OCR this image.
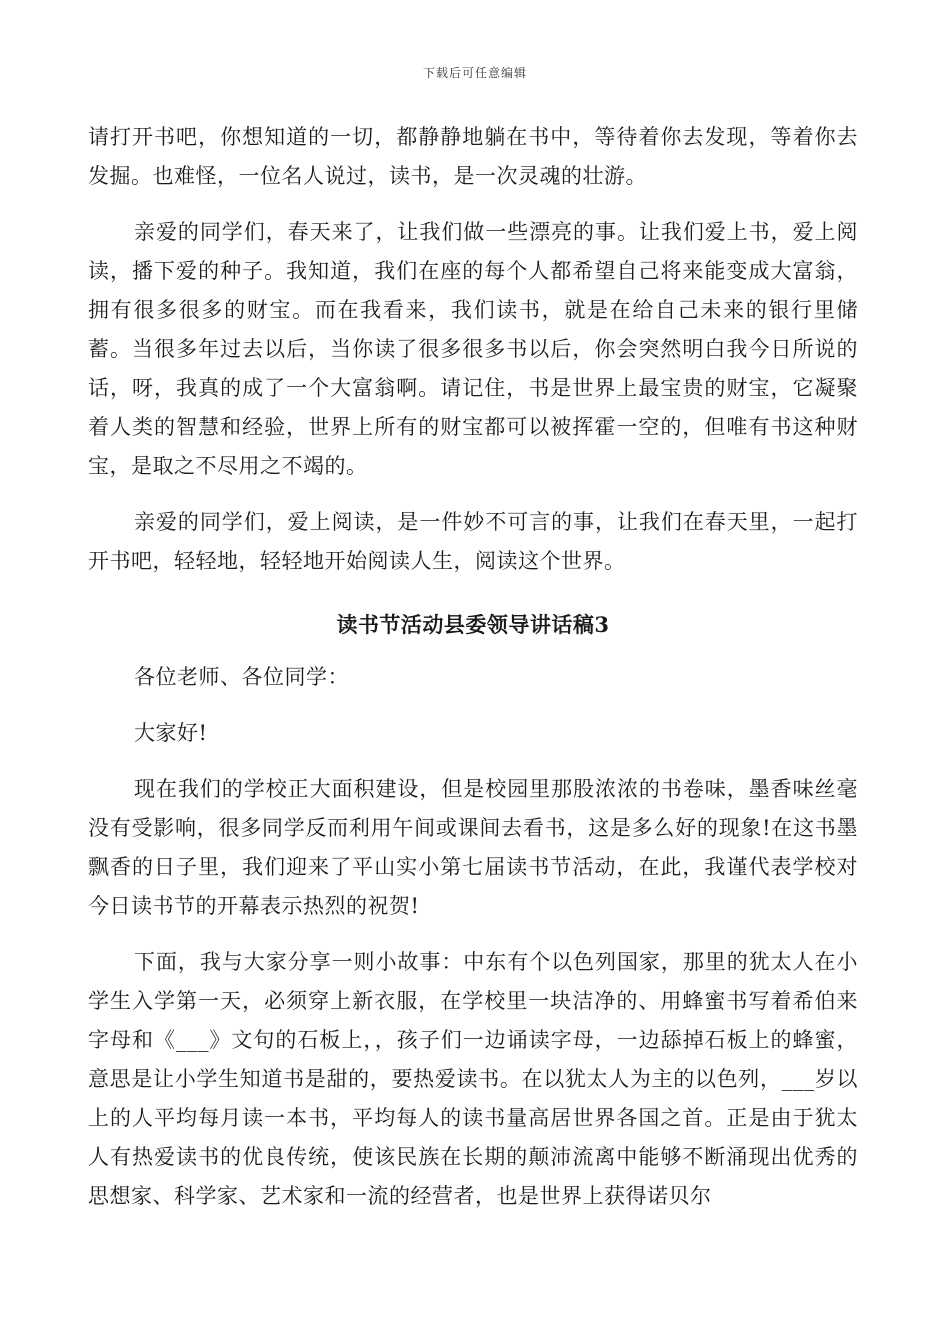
下载后可任意编辑

请打开书吧，你想知道的一切，都静静地躺在书中，等待着你去发现，等着你去发掘。也难怪，一位名人说过，读书，是一次灵魂的壮游。

亲爱的同学们，春天来了，让我们做一些漂亮的事。让我们爱上书，爱上阅读，播下爱的种子。我知道，我们在座的每个人都希望自己将来能变成大富翁，拥有很多很多的财宝。而在我看来，我们读书，就是在给自己未来的银行里储蓄。当很多年过去以后，当你读了很多很多书以后，你会突然明白我今日所说的话，呀，我真的成了一个大富翁啊。请记住，书是世界上最宝贵的财宝，它凝聚着人类的智慧和经验，世界上所有的财宝都可以被挥霍一空的，但唯有书这种财宝，是取之不尽用之不竭的。

亲爱的同学们，爱上阅读，是一件妙不可言的事，让我们在春天里，一起打开书吧，轻轻地，轻轻地开始阅读人生，阅读这个世界。

读书节活动县委领导讲话稿3

各位老师、各位同学：

大家好!

现在我们的学校正大面积建设，但是校园里那股浓浓的书卷味，墨香味丝毫没有受影响，很多同学反而利用午间或课间去看书，这是多么好的现象!在这书墨飘香的日子里，我们迎来了平山实小第七届读书节活动，在此，我谨代表学校对今日读书节的开幕表示热烈的祝贺!

下面，我与大家分享一则小故事：中东有个以色列国家，那里的犹太人在小学生入学第一天，必须穿上新衣服，在学校里一块洁净的、用蜂蜜书写着希伯来字母和《___》文句的石板上，，孩子们一边诵读字母，一边舔掉石板上的蜂蜜，意思是让小学生知道书是甜的，要热爱读书。在以犹太人为主的以色列，___岁以上的人平均每月读一本书，平均每人的读书量高居世界各国之首。正是由于犹太人有热爱读书的优良传统，使该民族在长期的颠沛流离中能够不断涌现出优秀的思想家、科学家、艺术家和一流的经营者，也是世界上获得诺贝尔
